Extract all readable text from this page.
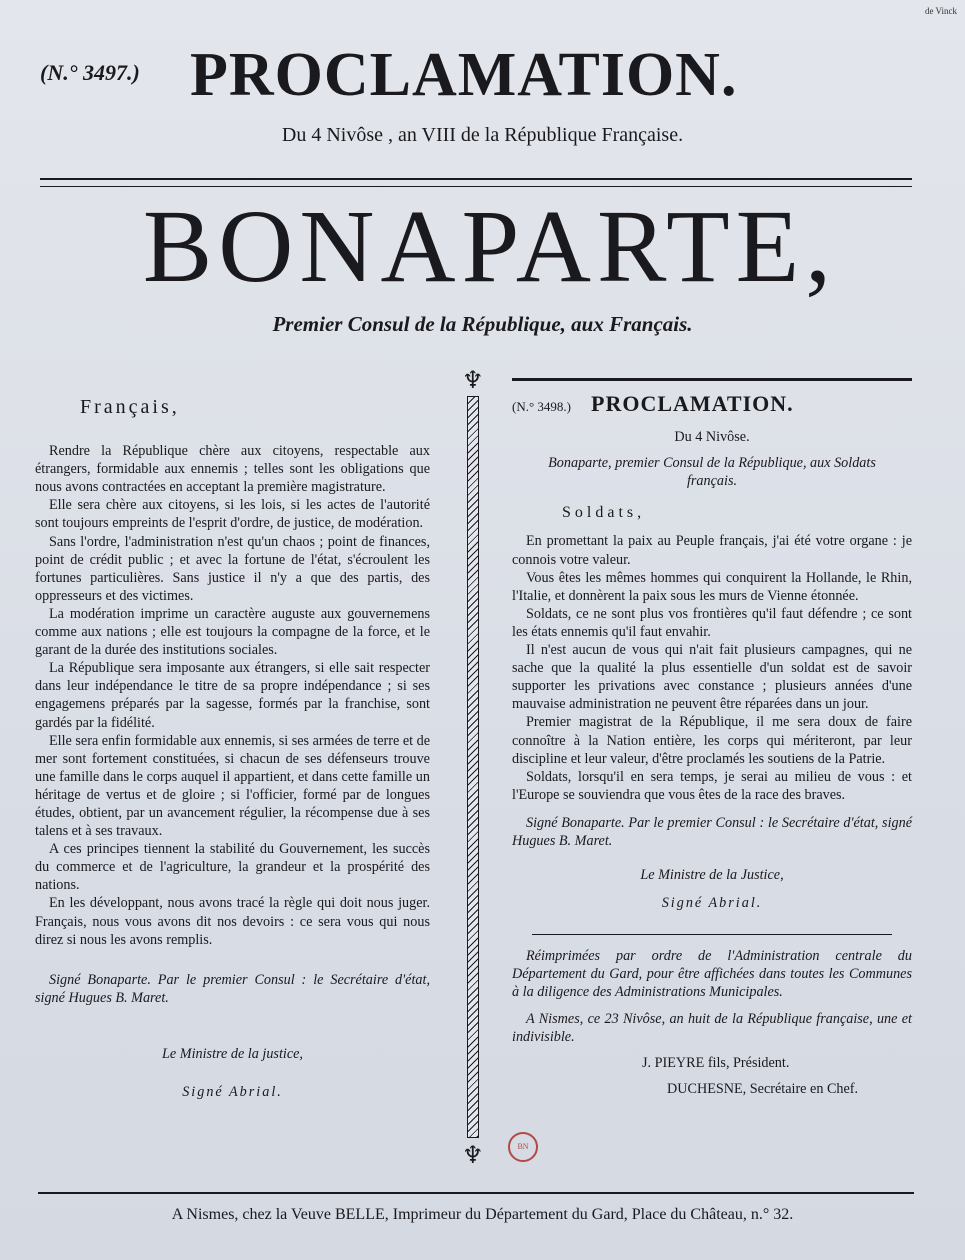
de Vinck
(N.° 3497.) PROCLAMATION.
Du 4 Nivôse , an VIII de la République Française.
BONAPARTE,
Premier Consul de la République, aux Français.
Français,

Rendre la République chère aux citoyens, respectable aux étrangers, formidable aux ennemis ; telles sont les obligations que nous avons contractées en acceptant la première magistrature.

Elle sera chère aux citoyens, si les lois, si les actes de l'autorité sont toujours empreints de l'esprit d'ordre, de justice, de modération.

Sans l'ordre, l'administration n'est qu'un chaos ; point de finances, point de crédit public ; et avec la fortune de l'état, s'écroulent les fortunes particulières. Sans justice il n'y a que des partis, des oppresseurs et des victimes.

La modération imprime un caractère auguste aux gouvernemens comme aux nations ; elle est toujours la compagne de la force, et le garant de la durée des institutions sociales.

La République sera imposante aux étrangers, si elle sait respecter dans leur indépendance le titre de sa propre indépendance ; si ses engagemens préparés par la sagesse, formés par la franchise, sont gardés par la fidélité.

Elle sera enfin formidable aux ennemis, si ses armées de terre et de mer sont fortement constituées, si chacun de ses défenseurs trouve une famille dans le corps auquel il appartient, et dans cette famille un héritage de vertus et de gloire ; si l'officier, formé par de longues études, obtient, par un avancement régulier, la récompense due à ses talens et à ses travaux.

A ces principes tiennent la stabilité du Gouvernement, les succès du commerce et de l'agriculture, la grandeur et la prospérité des nations.

En les développant, nous avons tracé la règle qui doit nous juger. Français, nous vous avons dit nos devoirs : ce sera vous qui nous direz si nous les avons remplis.

Signé Bonaparte. Par le premier Consul : le Secrétaire d'état, signé Hugues B. Maret.

Le Ministre de la justice,

Signé Abrial.

♆
♆
(N.° 3498.) PROCLAMATION.

Du 4 Nivôse.

Bonaparte, premier Consul de la République, aux Soldats français.

Soldats,

En promettant la paix au Peuple français, j'ai été votre organe : je connois votre valeur.

Vous êtes les mêmes hommes qui conquirent la Hollande, le Rhin, l'Italie, et donnèrent la paix sous les murs de Vienne étonnée.

Soldats, ce ne sont plus vos frontières qu'il faut défendre ; ce sont les états ennemis qu'il faut envahir.

Il n'est aucun de vous qui n'ait fait plusieurs campagnes, qui ne sache que la qualité la plus essentielle d'un soldat est de savoir supporter les privations avec constance ; plusieurs années d'une mauvaise administration ne peuvent être réparées dans un jour.

Premier magistrat de la République, il me sera doux de faire connoître à la Nation entière, les corps qui mériteront, par leur discipline et leur valeur, d'être proclamés les soutiens de la Patrie.

Soldats, lorsqu'il en sera temps, je serai au milieu de vous : et l'Europe se souviendra que vous êtes de la race des braves.

Signé Bonaparte. Par le premier Consul : le Secrétaire d'état, signé Hugues B. Maret.

Le Ministre de la Justice,

Signé Abrial.

Réimprimées par ordre de l'Administration centrale du Département du Gard, pour être affichées dans toutes les Communes à la diligence des Administrations Municipales.

A Nismes, ce 23 Nivôse, an huit de la République française, une et indivisible.

J. PIEYRE fils, Président.

DUCHESNE, Secrétaire en Chef.

BN
A Nismes, chez la Veuve BELLE, Imprimeur du Département du Gard, Place du Château, n.° 32.
